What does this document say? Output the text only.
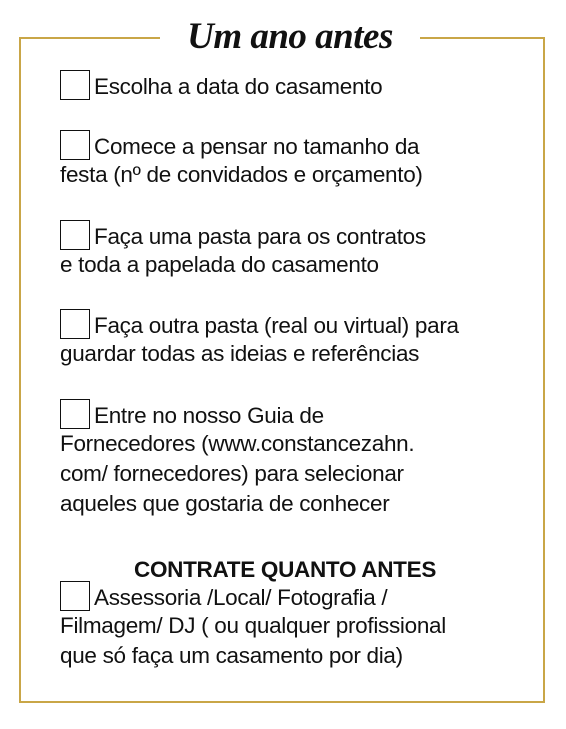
Um ano antes
Escolha a data do casamento
Comece a pensar no tamanho da
festa (nº de convidados e orçamento)
Faça uma pasta para os contratos
e toda a papelada do casamento
Faça outra pasta (real ou virtual) para
guardar todas as ideias e referências
Entre no nosso Guia de
Fornecedores (www.constancezahn.
com/ fornecedores) para selecionar
aqueles que gostaria de conhecer
CONTRATE QUANTO ANTES
Assessoria /Local/ Fotografia /
Filmagem/ DJ ( ou qualquer profissional
que só faça um casamento por dia)
